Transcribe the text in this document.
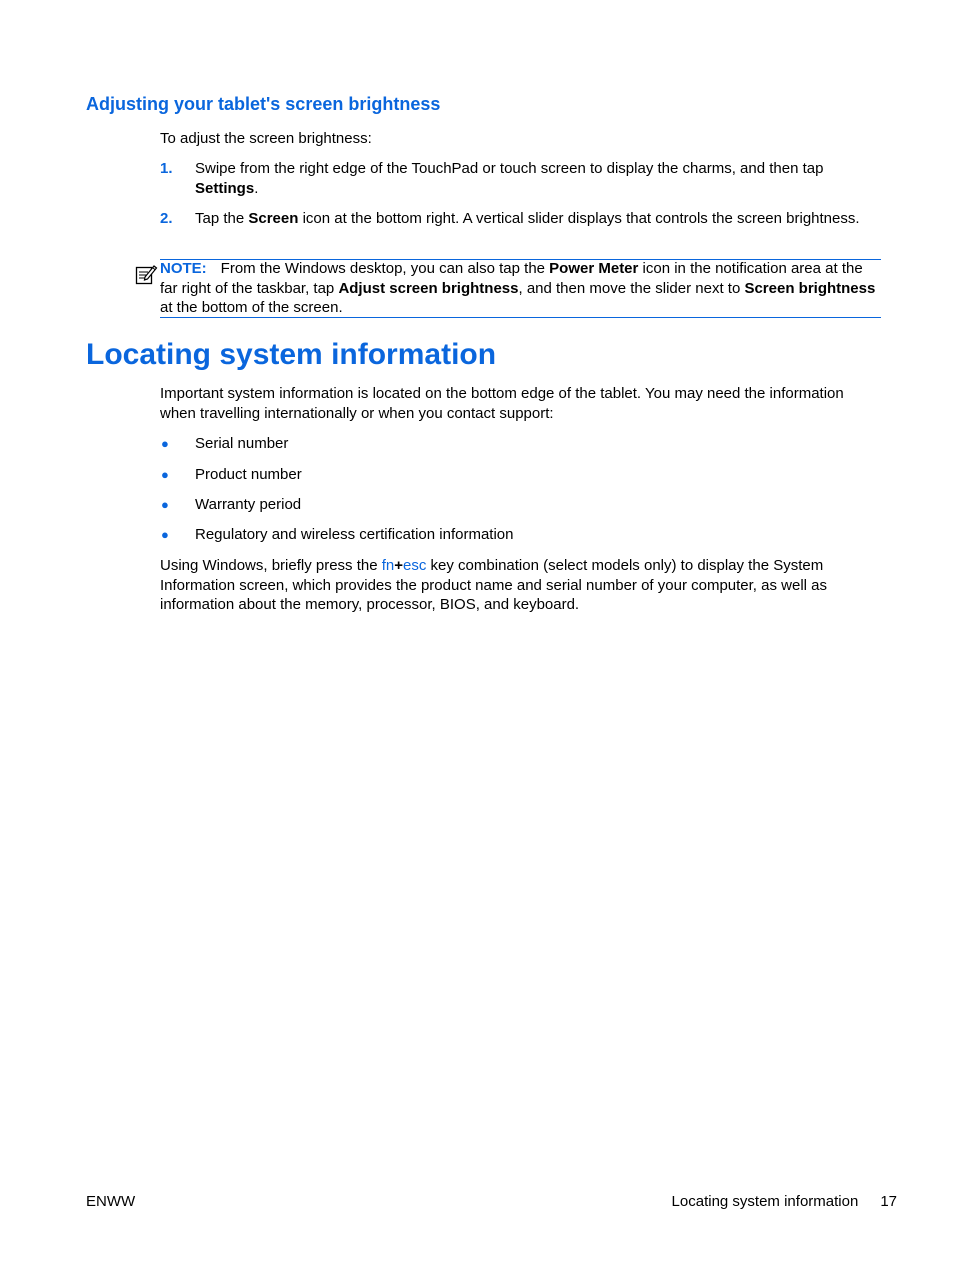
Adjusting your tablet's screen brightness

To adjust the screen brightness:

1. Swipe from the right edge of the TouchPad or touch screen to display the charms, and then tap Settings.
2. Tap the Screen icon at the bottom right. A vertical slider displays that controls the screen brightness.
NOTE: From the Windows desktop, you can also tap the Power Meter icon in the notification area at the far right of the taskbar, tap Adjust screen brightness, and then move the slider next to Screen brightness at the bottom of the screen.
Locating system information

Important system information is located on the bottom edge of the tablet. You may need the information when travelling internationally or when you contact support:

● Serial number
● Product number
● Warranty period
● Regulatory and wireless certification information

Using Windows, briefly press the fn+esc key combination (select models only) to display the System Information screen, which provides the product name and serial number of your computer, as well as information about the memory, processor, BIOS, and keyboard.

ENWW	Locating system information 17
